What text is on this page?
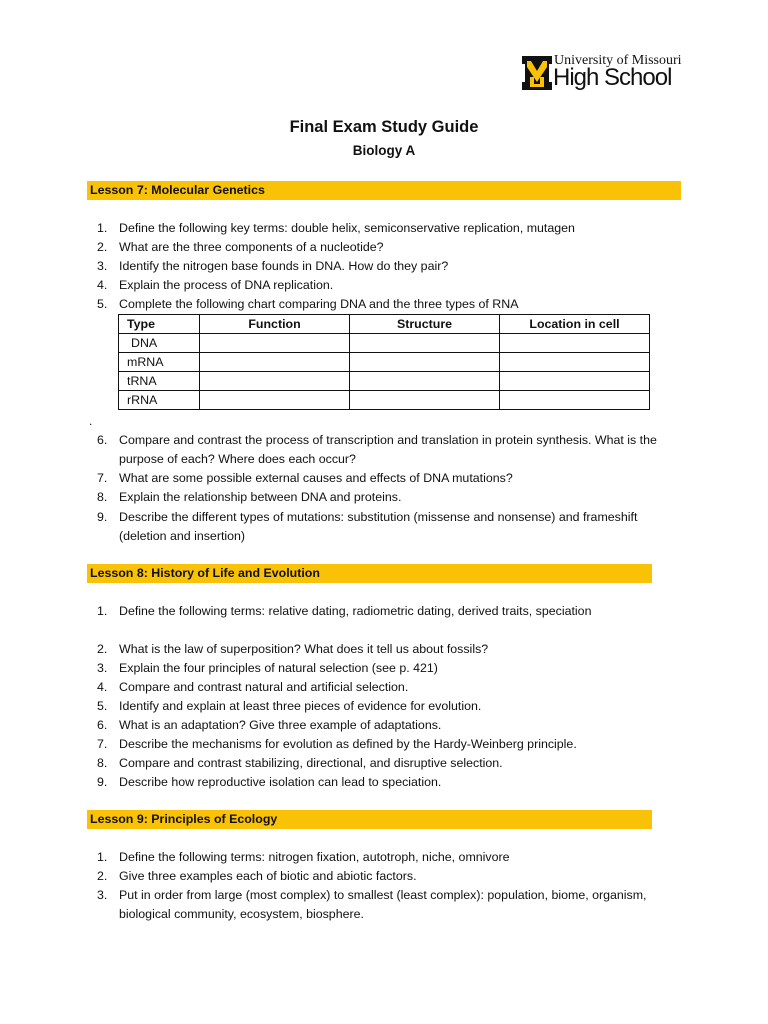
University of Missouri
High School
Final Exam Study Guide
Biology A
Lesson 7: Molecular Genetics
1. Define the following key terms: double helix, semiconservative replication, mutagen
2. What are the three components of a nucleotide?
3. Identify the nitrogen base founds in DNA. How do they pair?
4. Explain the process of DNA replication.
5. Complete the following chart comparing DNA and the three types of RNA
Type	Function	Structure	Location in cell
DNA			
mRNA			
tRNA			
rRNA			
.
6. Compare and contrast the process of transcription and translation in protein synthesis. What is the purpose of each? Where does each occur?
7. What are some possible external causes and effects of DNA mutations?
8. Explain the relationship between DNA and proteins.
9. Describe the different types of mutations: substitution (missense and nonsense) and frameshift (deletion and insertion)
Lesson 8: History of Life and Evolution
1. Define the following terms: relative dating, radiometric dating, derived traits, speciation
2. What is the law of superposition? What does it tell us about fossils?
3. Explain the four principles of natural selection (see p. 421)
4. Compare and contrast natural and artificial selection.
5. Identify and explain at least three pieces of evidence for evolution.
6. What is an adaptation? Give three example of adaptations.
7. Describe the mechanisms for evolution as defined by the Hardy-Weinberg principle.
8. Compare and contrast stabilizing, directional, and disruptive selection.
9. Describe how reproductive isolation can lead to speciation.
Lesson 9: Principles of Ecology
1. Define the following terms: nitrogen fixation, autotroph, niche, omnivore
2. Give three examples each of biotic and abiotic factors.
3. Put in order from large (most complex) to smallest (least complex): population, biome, organism, biological community, ecosystem, biosphere.
